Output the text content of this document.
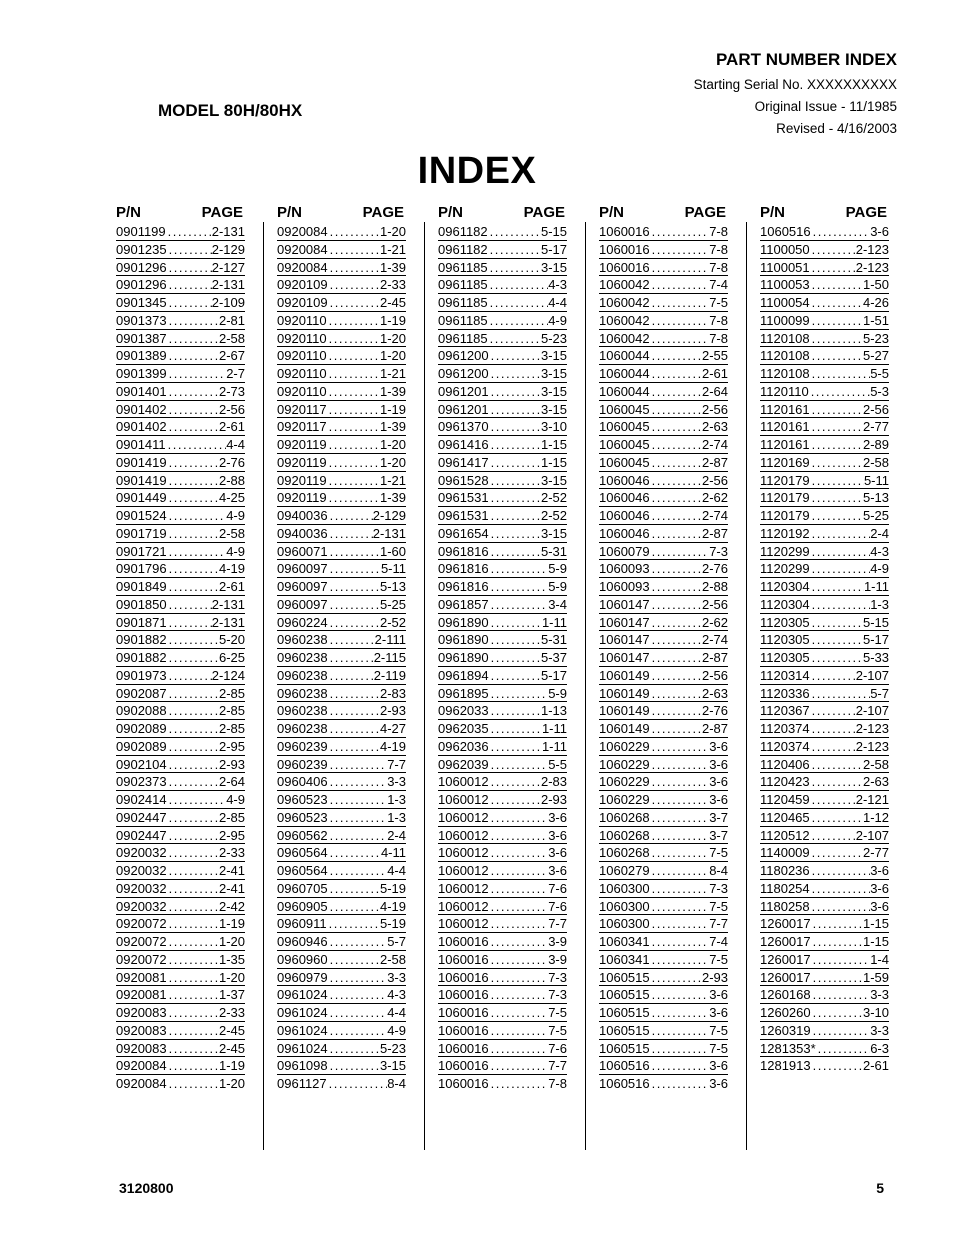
PART NUMBER INDEX
Starting Serial No. XXXXXXXXXX
Original Issue - 11/1985
Revised - 4/16/2003
MODEL 80H/80HX
INDEX
P/N	PAGE
0901199 .....	2-131
0901235 .....	2-129
0901296 .....	2-127
0901296 .....	2-131
0901345 .....	2-109
0901373 .....	2-81
0901387 .....	2-58
0901389 .....	2-67
0901399 .....	2-7
0901401 .....	2-73
0901402 .....	2-56
0901402 .....	2-61
0901411 .....	4-4
0901419 .....	2-76
0901419 .....	2-88
0901449 .....	4-25
0901524 .....	4-9
0901719 .....	2-58
0901721 .....	4-9
0901796 .....	4-19
0901849 .....	2-61
0901850 .....	2-131
0901871 .....	2-131
0901882 .....	5-20
0901882 .....	6-25
0901973 .....	2-124
0902087 .....	2-85
0902088 .....	2-85
0902089 .....	2-85
0902089 .....	2-95
0902104 .....	2-93
0902373 .....	2-64
0902414 .....	4-9
0902447 .....	2-85
0902447 .....	2-95
0920032 .....	2-33
0920032 .....	2-41
0920032 .....	2-41
0920032 .....	2-42
0920072 .....	1-19
0920072 .....	1-20
0920072 .....	1-35
0920081 .....	1-20
0920081 .....	1-37
0920083 .....	2-33
0920083 .....	2-45
0920083 .....	2-45
0920084 .....	1-19
0920084 .....	1-20
P/N	PAGE
0920084 .....	1-20
0920084 .....	1-21
0920084 .....	1-39
0920109 .....	2-33
0920109 .....	2-45
0920110 .....	1-19
0920110 .....	1-20
0920110 .....	1-20
0920110 .....	1-21
0920110 .....	1-39
0920117 .....	1-19
0920117 .....	1-39
0920119 .....	1-20
0920119 .....	1-20
0920119 .....	1-21
0920119 .....	1-39
0940036 .....	2-129
0940036 .....	2-131
0960071 .....	1-60
0960097 .....	5-11
0960097 .....	5-13
0960097 .....	5-25
0960224 .....	2-52
0960238 .....	2-111
0960238 .....	2-115
0960238 .....	2-119
0960238 .....	2-83
0960238 .....	2-93
0960238 .....	4-27
0960239 .....	4-19
0960239 .....	7-7
0960406 .....	3-3
0960523 .....	1-3
0960523 .....	1-3
0960562 .....	2-4
0960564 .....	4-11
0960564 .....	4-4
0960705 .....	5-19
0960905 .....	4-19
0960911 .....	5-19
0960946 .....	5-7
0960960 .....	2-58
0960979 .....	3-3
0961024 .....	4-3
0961024 .....	4-4
0961024 .....	4-9
0961024 .....	5-23
0961098 .....	3-15
0961127 .....	8-4
P/N	PAGE
0961182 .....	5-15
0961182 .....	5-17
0961185 .....	3-15
0961185 .....	4-3
0961185 .....	4-4
0961185 .....	4-9
0961185 .....	5-23
0961200 .....	3-15
0961200 .....	3-15
0961201 .....	3-15
0961201 .....	3-15
0961370 .....	3-10
0961416 .....	1-15
0961417 .....	1-15
0961528 .....	3-15
0961531 .....	2-52
0961531 .....	2-52
0961654 .....	3-15
0961816 .....	5-31
0961816 .....	5-9
0961816 .....	5-9
0961857 .....	3-4
0961890 .....	1-11
0961890 .....	5-31
0961890 .....	5-37
0961894 .....	5-17
0961895 .....	5-9
0962033 .....	1-13
0962035 .....	1-11
0962036 .....	1-11
0962039 .....	5-5
1060012 .....	2-83
1060012 .....	2-93
1060012 .....	3-6
1060012 .....	3-6
1060012 .....	3-6
1060012 .....	3-6
1060012 .....	7-6
1060012 .....	7-6
1060012 .....	7-7
1060016 .....	3-9
1060016 .....	3-9
1060016 .....	7-3
1060016 .....	7-3
1060016 .....	7-5
1060016 .....	7-5
1060016 .....	7-6
1060016 .....	7-7
1060016 .....	7-8
P/N	PAGE
1060016 .....	7-8
1060016 .....	7-8
1060016 .....	7-8
1060042 .....	7-4
1060042 .....	7-5
1060042 .....	7-8
1060042 .....	7-8
1060044 .....	2-55
1060044 .....	2-61
1060044 .....	2-64
1060045 .....	2-56
1060045 .....	2-63
1060045 .....	2-74
1060045 .....	2-87
1060046 .....	2-56
1060046 .....	2-62
1060046 .....	2-74
1060046 .....	2-87
1060079 .....	7-3
1060093 .....	2-76
1060093 .....	2-88
1060147 .....	2-56
1060147 .....	2-62
1060147 .....	2-74
1060147 .....	2-87
1060149 .....	2-56
1060149 .....	2-63
1060149 .....	2-76
1060149 .....	2-87
1060229 .....	3-6
1060229 .....	3-6
1060229 .....	3-6
1060229 .....	3-6
1060268 .....	3-7
1060268 .....	3-7
1060268 .....	7-5
1060279 .....	8-4
1060300 .....	7-3
1060300 .....	7-5
1060300 .....	7-7
1060341 .....	7-4
1060341 .....	7-5
1060515 .....	2-93
1060515 .....	3-6
1060515 .....	3-6
1060515 .....	7-5
1060515 .....	7-5
1060516 .....	3-6
1060516 .....	3-6
P/N	PAGE
1060516 .....	3-6
1100050 .....	2-123
1100051 .....	2-123
1100053 .....	1-50
1100054 .....	4-26
1100099 .....	1-51
1120108 .....	5-23
1120108 .....	5-27
1120108 .....	5-5
1120110 .....	5-3
1120161 .....	2-56
1120161 .....	2-77
1120161 .....	2-89
1120169 .....	2-58
1120179 .....	5-11
1120179 .....	5-13
1120179 .....	5-25
1120192 .....	2-4
1120299 .....	4-3
1120299 .....	4-9
1120304 .....	1-11
1120304 .....	1-3
1120305 .....	5-15
1120305 .....	5-17
1120305 .....	5-33
1120314 .....	2-107
1120336 .....	5-7
1120367 .....	2-107
1120374 .....	2-123
1120374 .....	2-123
1120406 .....	2-58
1120423 .....	2-63
1120459 .....	2-121
1120465 .....	1-12
1120512 .....	2-107
1140009 .....	2-77
1180236 .....	3-6
1180254 .....	3-6
1180258 .....	3-6
1260017 .....	1-15
1260017 .....	1-15
1260017 .....	1-4
1260017 .....	1-59
1260168 .....	3-3
1260260 .....	3-10
1260319 .....	3-3
1281353* .....	6-3
1281913 .....	2-61
3120800	5
